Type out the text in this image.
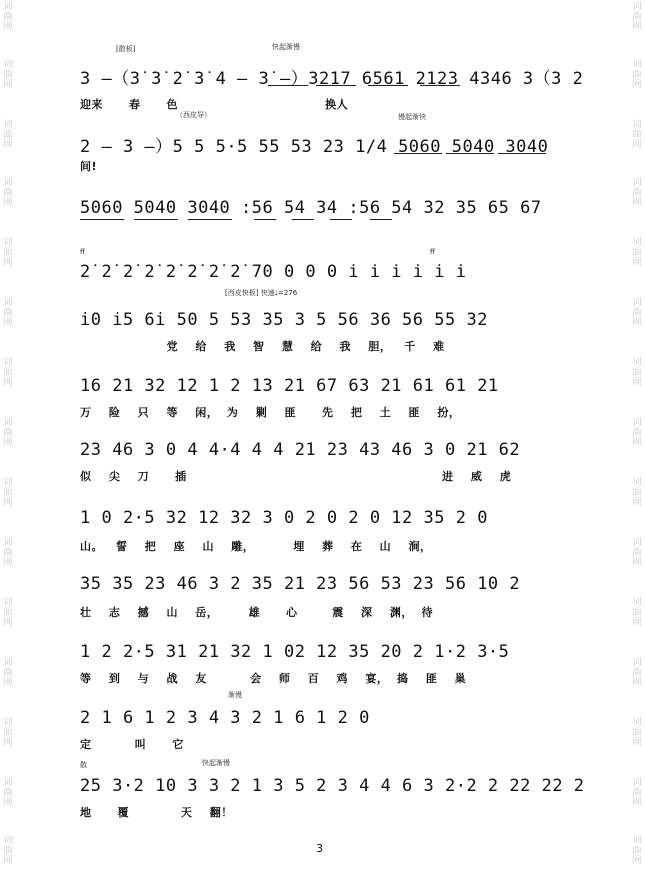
词
曲
网
词
曲
网
词
曲
网
词
曲
网
词
曲
网
词
曲
网
词
曲
网
词
曲
网
词
曲
网
词
曲
网
词
曲
网
词
曲
网
词
曲
网
词
曲
网
词
曲
网
词
曲
网
词
曲
网
词
曲
网
词
曲
网
词
曲
网
词
曲
网
词
曲
网
词
曲
网
词
曲
网
词
曲
网
词
曲
网
词
曲
网
词
曲
网
词
曲
网
词
曲
网
[散板]	快起渐慢
3 –（3̇ 3̇ 2̇ 3̇ 4 – 3̇ –）3217 6561 2123 4346 3（3 2
迎来      春      色                                  换人
（西皮导）	慢起渐快
2 – 3 –）5 5 5·5 55 53 23 1/4 5060 5040 3040
间!
5060 5040 3040 :56 54 34 :56 54 32 35 65 67
ff	ff
2̇ 2̇ 2̇ 2̇ 2̇ 2̇ 2̇ 2̇ 70 0 0 0 i̇ i̇ i̇ i̇ i̇ i̇
[西皮快板] 快速♩=276
i0 i5 6i 50 5 53 35 3 5 56 36 56 55 32
党    给    我    智    慧    给    我    胆，   千    难
16 21 32 12 1 2 13 21 67 63 21 61 61 21
万    险    只    等    闲，  为    剿    匪      先    把    土    匪    扮，
23 46 3 0 4 4·4 4 4 21 23 43 46 3 0 21 62
似    尖    刀      插                                                           进    威    虎
1 0 2·5 32 12 32 3 0 2 0 2 0 12 35 2 0
山。   誓    把    座    山    雕，         埋    葬    在    山    涧，
35 35 23 46 3 2 35 21 23 56 53 23 56 10 2
壮    志    撼    山    岳，       雄      心        震    深    渊，  待
1 2 2·5 31 21 32 1 02 12 35 20 2 1·2 3·5
等    到    与    战    友          会    师    百    鸡    宴，  捣    匪    巢
渐慢
2 1 6 1 2 3 4 3 2 1 6 1 2 0
定          叫      它
散	快起渐慢
25 3·2 10 3 3 2 1 3 5 2 3 4 4 6 3 2·2 2 22 22 2
地      覆            天    翻！
3
